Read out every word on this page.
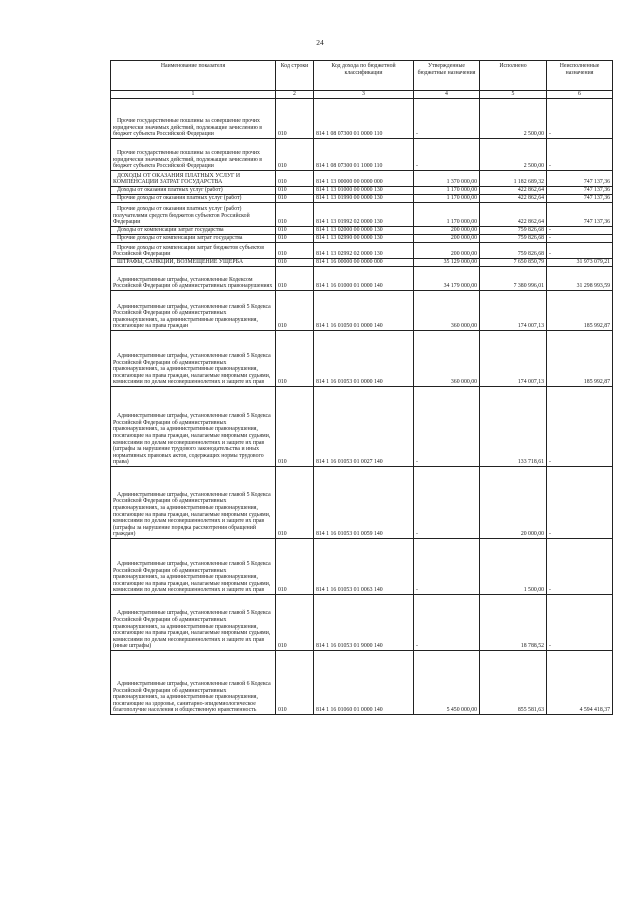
24
Наименование показателя	Код строки	Код дохода по бюджетной классификации	Утвержденные бюджетные назначения	Исполнено	Неисполненные назначения
1	2	3	4	5	6

Прочие государственные пошлины за совершение прочих юридически значимых действий, подлежащие зачислению в бюджет субъекта Российской Федерации	010	814 1 08 07300 01 0000 110	-	2 500,00	-

Прочие государственные пошлины за совершение прочих юридически значимых действий, подлежащие зачислению в бюджет субъекта Российской Федерации	010	814 1 08 07300 01 1000 110	-	2 500,00	-

ДОХОДЫ ОТ ОКАЗАНИЯ ПЛАТНЫХ УСЛУГ И КОМПЕНСАЦИИ ЗАТРАТ ГОСУДАРСТВА	010	814 1 13 00000 00 0000 000	1 370 000,00	1 182 689,32	747 137,36

Доходы от оказания платных услуг (работ)	010	814 1 13 01000 00 0000 130	1 170 000,00	422 862,64	747 137,36

Прочие доходы от оказания платных услуг (работ)	010	814 1 13 01990 00 0000 130	1 170 000,00	422 862,64	747 137,36

Прочие доходы от оказания платных услуг (работ) получателями средств бюджетов субъектов Российской Федерации	010	814 1 13 01992 02 0000 130	1 170 000,00	422 862,64	747 137,36

Доходы от компенсации затрат государства	010	814 1 13 02000 00 0000 130	200 000,00	759 826,68	-

Прочие доходы от компенсации затрат государства	010	814 1 13 02990 00 0000 130	200 000,00	759 826,68	-

Прочие доходы от компенсации затрат бюджетов субъектов Российской Федерации	010	814 1 13 02992 02 0000 130	200 000,00	759 826,68	-

ШТРАФЫ, САНКЦИИ, ВОЗМЕЩЕНИЕ УЩЕРБА	010	814 1 16 00000 00 0000 000	35 129 000,00	7 650 850,79	31 973 079,21

Административные штрафы, установленные Кодексом Российской Федерации об административных правонарушениях	010	814 1 16 01000 01 0000 140	34 179 000,00	7 380 996,01	31 298 993,59

Административные штрафы, установленные главой 5 Кодекса Российской Федерации об административных правонарушениях, за административные правонарушения, посягающие на права граждан	010	814 1 16 01050 01 0000 140	360 000,00	174 007,13	185 992,87

Административные штрафы, установленные главой 5 Кодекса Российской Федерации об административных правонарушениях, за административные правонарушения, посягающие на права граждан, налагаемые мировыми судьями, комиссиями по делам несовершеннолетних и защите их прав	010	814 1 16 01053 01 0000 140	360 000,00	174 007,13	185 992,87

Административные штрафы, установленные главой 5 Кодекса Российской Федерации об административных правонарушениях, за административные правонарушения, посягающие на права граждан, налагаемые мировыми судьями, комиссиями по делам несовершеннолетних и защите их прав (штрафы за нарушение трудового законодательства и иных нормативных правовых актов, содержащих нормы трудового права)	010	814 1 16 01053 01 0027 140	-	133 718,61	-

Административные штрафы, установленные главой 5 Кодекса Российской Федерации об административных правонарушениях, за административные правонарушения, посягающие на права граждан, налагаемые мировыми судьями, комиссиями по делам несовершеннолетних и защите их прав (штрафы за нарушение порядка рассмотрения обращений граждан)	010	814 1 16 01053 01 0059 140	-	20 000,00	-

Административные штрафы, установленные главой 5 Кодекса Российской Федерации об административных правонарушениях, за административные правонарушения, посягающие на права граждан, налагаемые мировыми судьями, комиссиями по делам несовершеннолетних и защите их прав	010	814 1 16 01053 01 0063 140	-	1 500,00	-

Административные штрафы, установленные главой 5 Кодекса Российской Федерации об административных правонарушениях, за административные правонарушения, посягающие на права граждан, налагаемые мировыми судьями, комиссиями по делам несовершеннолетних и защите их прав (иные штрафы)	010	814 1 16 01053 01 9000 140	-	18 788,52	-

Административные штрафы, установленные главой 6 Кодекса Российской Федерации об административных правонарушениях, за административные правонарушения, посягающие на здоровье, санитарно-эпидемиологическое благополучие населения и общественную нравственность	010	814 1 16 01060 01 0000 140	5 450 000,00	855 581,63	4 594 418,37
